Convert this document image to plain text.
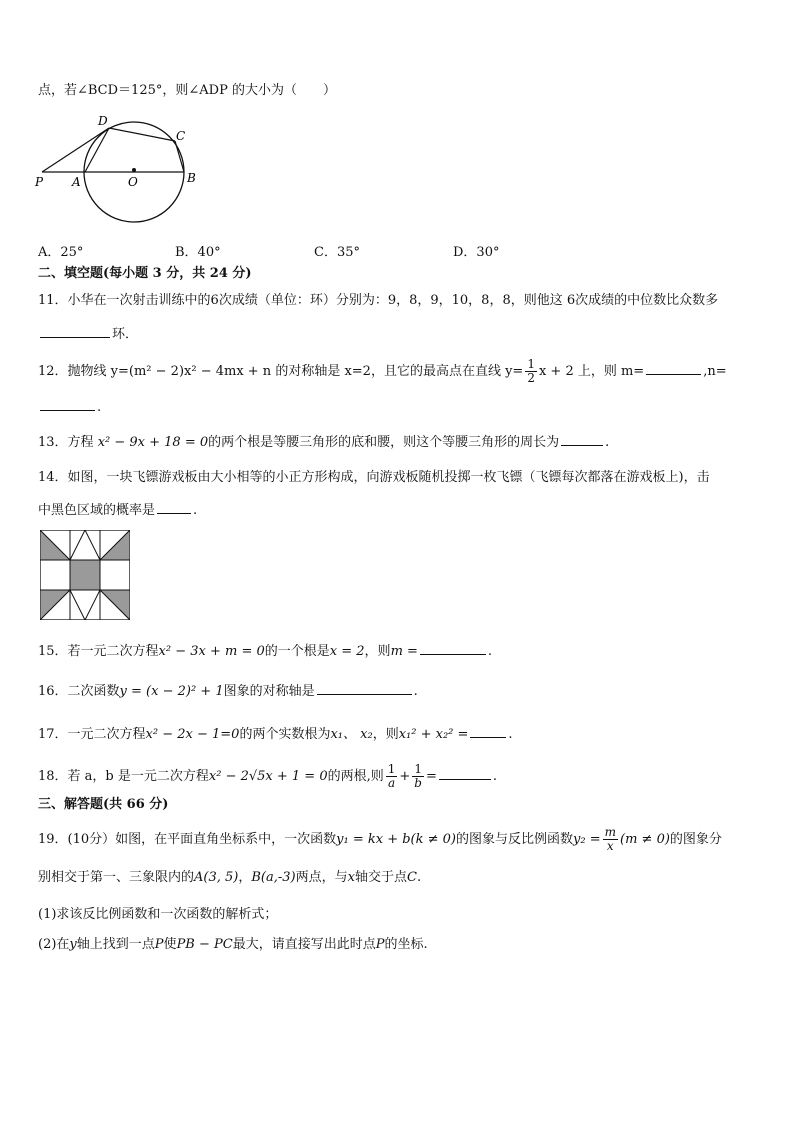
点，若∠BCD＝125°，则∠ADP 的大小为（　　）
D
C
P A	O	B
A．25°	B．40°	C．35°	D．30°
二、填空题(每小题 3 分，共 24 分)
11．小华在一次射击训练中的6次成绩（单位：环）分别为：9，8，9，10，8，8，则他这 6次成绩的中位数比众数多
环．
12．抛物线 y=(m² − 2)x² − 4mx + n 的对称轴是 x=2，且它的最高点在直线 $y= \frac{1}{2}$ x + 2 上，则 m=	,n=
.
13．方程 x² − 9x + 18 = 0的两个根是等腰三角形的底和腰，则这个等腰三角形的周长为	.
14．如图，一块飞镖游戏板由大小相等的小正方形构成，向游戏板随机投掷一枚飞镖（飞镖每次都落在游戏板上)，击
中黑色区域的概率是	.
15．若一元二次方程x² − 3x + m = 0的一个根是x = 2，则m =	.
16．二次函数y = (x − 2)² + 1图象的对称轴是	.
17．一元二次方程x² − 2x − 1=0的两个实数根为x₁、 x₂，则x₁² + x₂² =	.
18．若 a，b 是一元二次方程x² − 2√5x + 1 = 0的两根,则 $\frac{1}{a} + \frac{1}{b}$ =	.
三、解答题(共 66 分)
19．(10分）如图，在平面直角坐标系中，一次函数y₁ = kx + b(k ≠ 0)的图象与反比例函数$y_2 = \frac{m}{x} (m \ne 0)$的图象分
别相交于第一、三象限内的A(3, 5)，B(a,-3)两点，与x轴交于点C.
(1)求该反比例函数和一次函数的解析式；
(2)在y轴上找到一点P使PB − PC最大，请直接写出此时点P的坐标.
